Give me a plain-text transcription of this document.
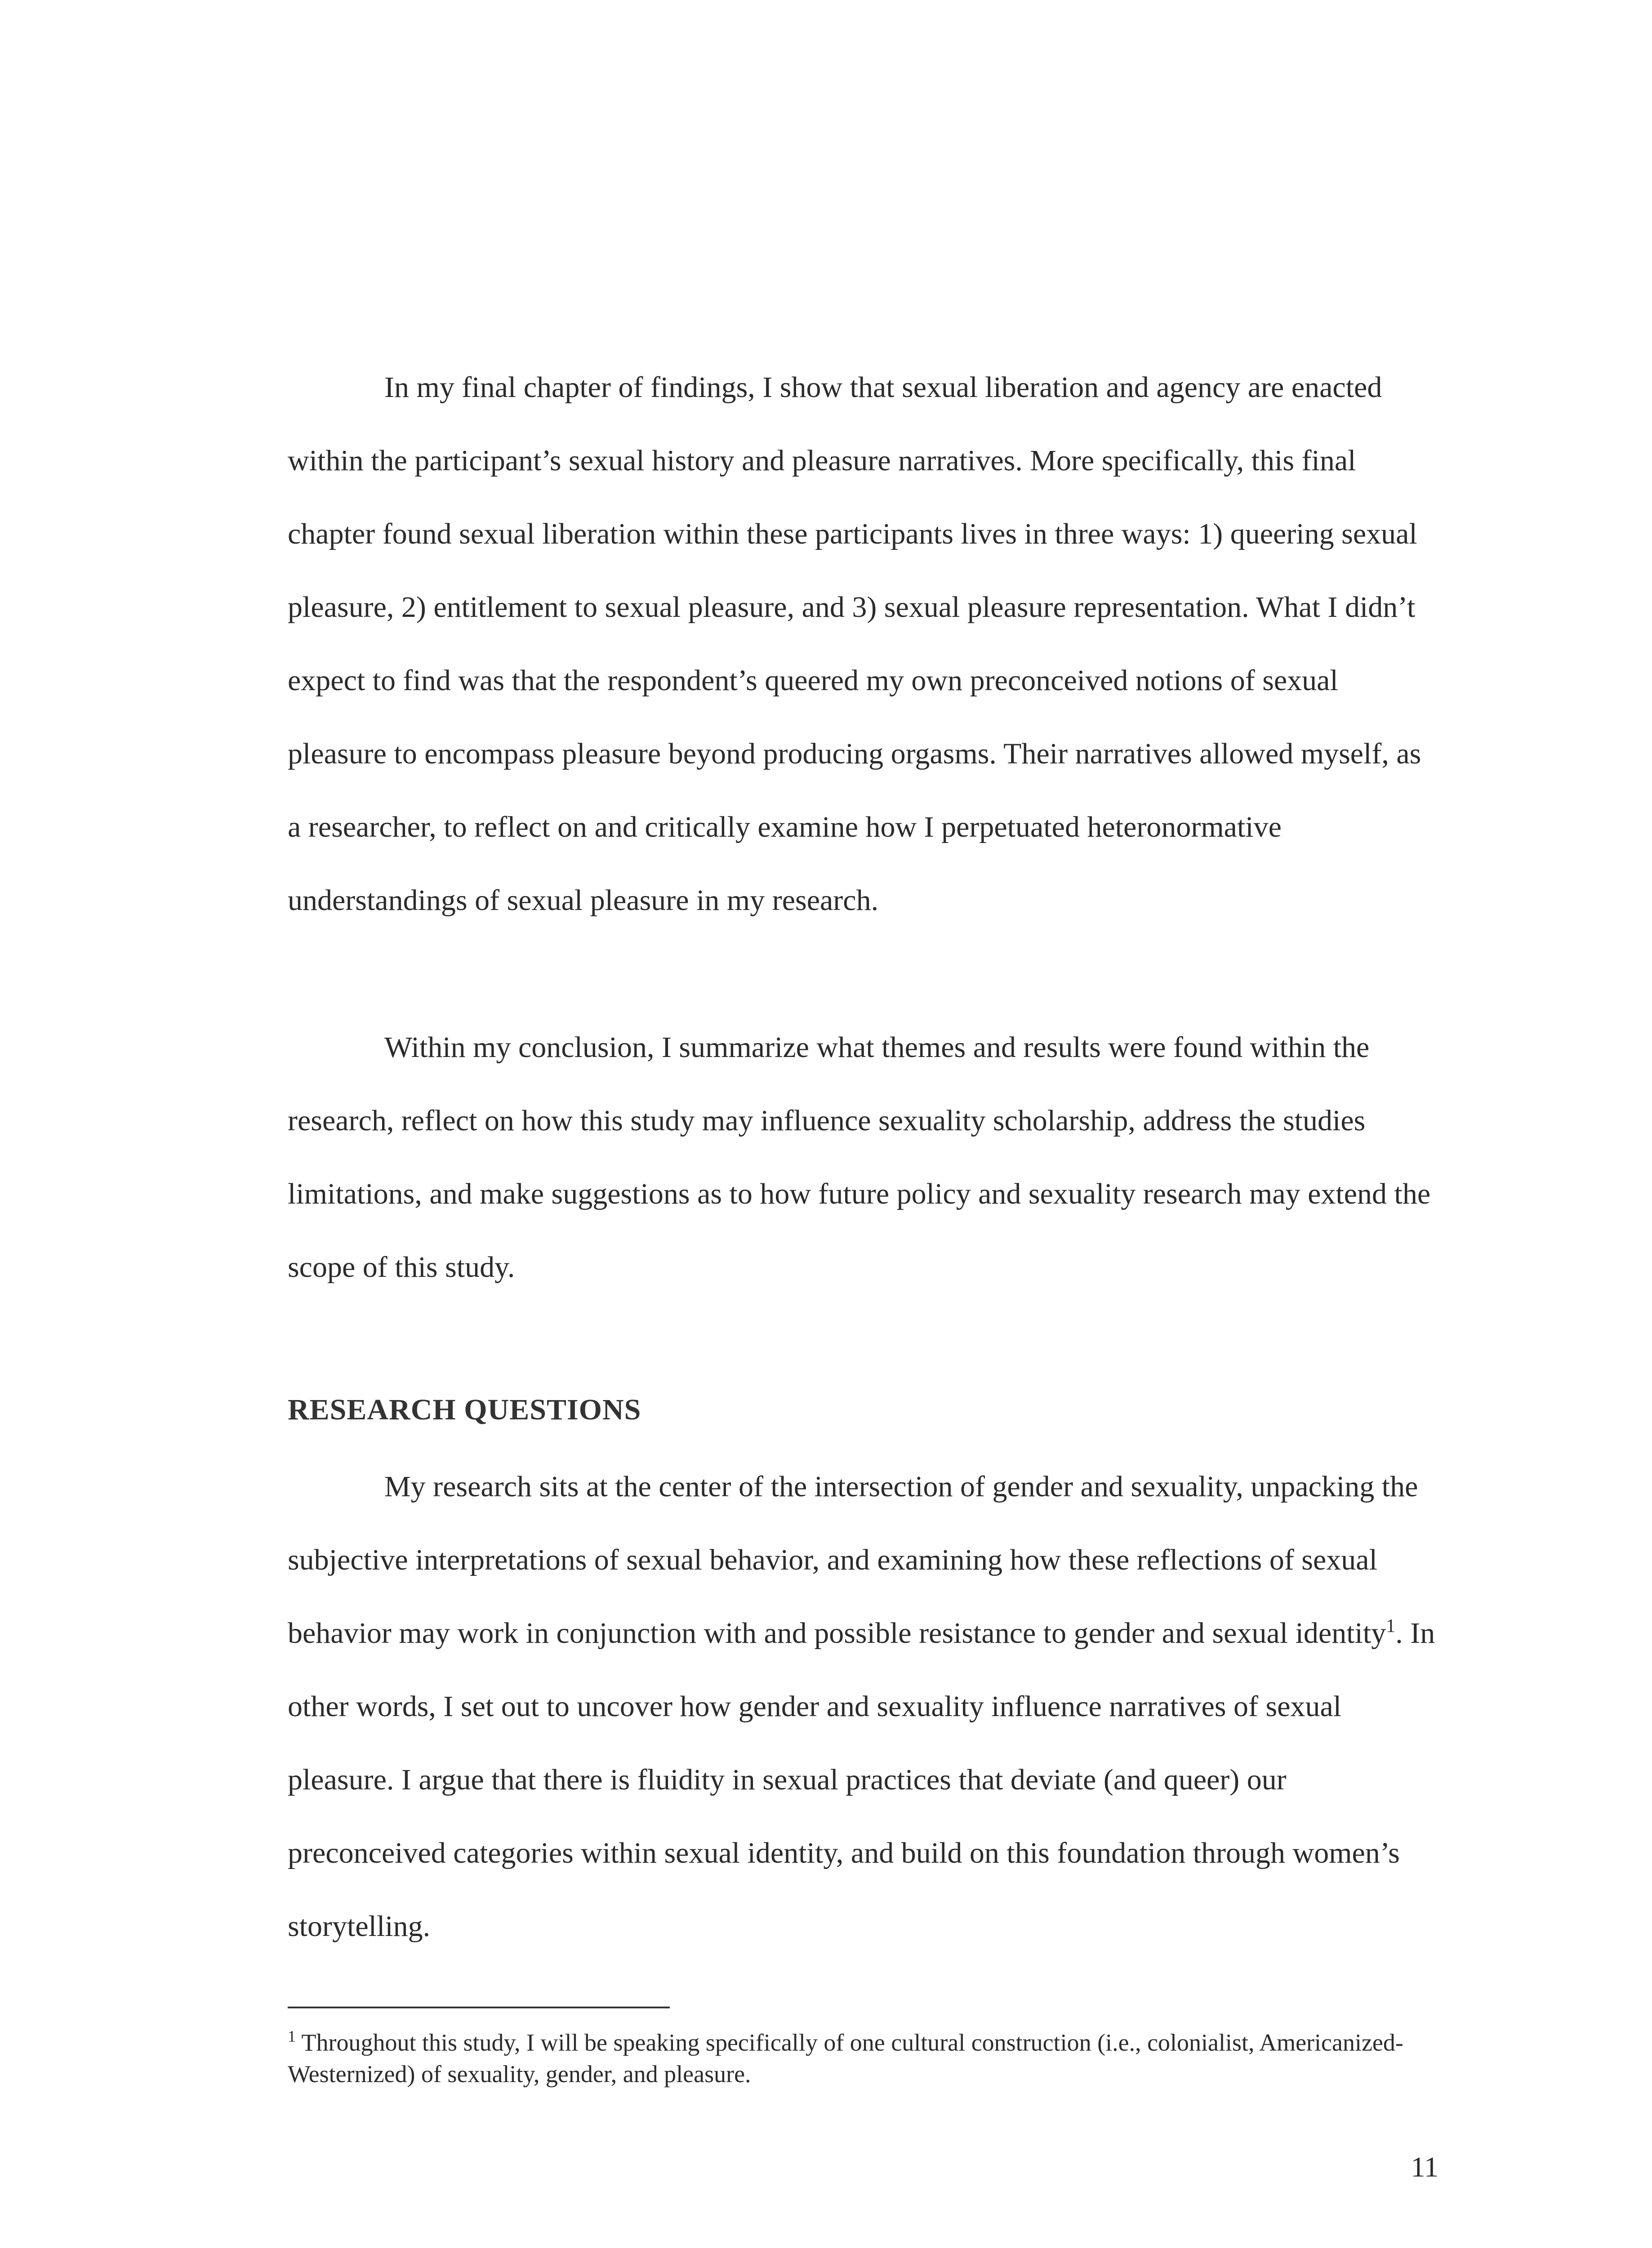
In my final chapter of findings, I show that sexual liberation and agency are enacted within the participant’s sexual history and pleasure narratives. More specifically, this final chapter found sexual liberation within these participants lives in three ways: 1) queering sexual pleasure, 2) entitlement to sexual pleasure, and 3) sexual pleasure representation. What I didn’t expect to find was that the respondent’s queered my own preconceived notions of sexual pleasure to encompass pleasure beyond producing orgasms. Their narratives allowed myself, as a researcher, to reflect on and critically examine how I perpetuated heteronormative understandings of sexual pleasure in my research.

Within my conclusion, I summarize what themes and results were found within the research, reflect on how this study may influence sexuality scholarship, address the studies limitations, and make suggestions as to how future policy and sexuality research may extend the scope of this study.

RESEARCH QUESTIONS

My research sits at the center of the intersection of gender and sexuality, unpacking the subjective interpretations of sexual behavior, and examining how these reflections of sexual behavior may work in conjunction with and possible resistance to gender and sexual identity$^1$. In other words, I set out to uncover how gender and sexuality influence narratives of sexual pleasure. I argue that there is fluidity in sexual practices that deviate (and queer) our preconceived categories within sexual identity, and build on this foundation through women’s storytelling.

$^1$ Throughout this study, I will be speaking specifically of one cultural construction (i.e., colonialist, Americanized-Westernized) of sexuality, gender, and pleasure.

11
